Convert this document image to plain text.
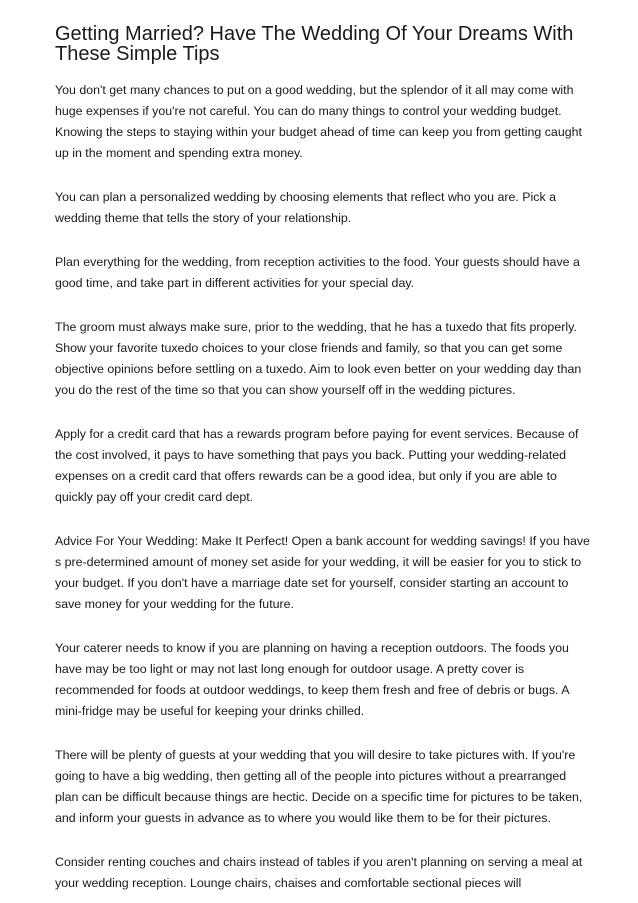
Getting Married? Have The Wedding Of Your Dreams With These Simple Tips

You don't get many chances to put on a good wedding, but the splendor of it all may come with huge expenses if you're not careful. You can do many things to control your wedding budget. Knowing the steps to staying within your budget ahead of time can keep you from getting caught up in the moment and spending extra money.

You can plan a personalized wedding by choosing elements that reflect who you are. Pick a wedding theme that tells the story of your relationship.

Plan everything for the wedding, from reception activities to the food. Your guests should have a good time, and take part in different activities for your special day.

The groom must always make sure, prior to the wedding, that he has a tuxedo that fits properly. Show your favorite tuxedo choices to your close friends and family, so that you can get some objective opinions before settling on a tuxedo. Aim to look even better on your wedding day than you do the rest of the time so that you can show yourself off in the wedding pictures.

Apply for a credit card that has a rewards program before paying for event services. Because of the cost involved, it pays to have something that pays you back. Putting your wedding-related expenses on a credit card that offers rewards can be a good idea, but only if you are able to quickly pay off your credit card dept.

Advice For Your Wedding: Make It Perfect! Open a bank account for wedding savings! If you have s pre-determined amount of money set aside for your wedding, it will be easier for you to stick to your budget. If you don't have a marriage date set for yourself, consider starting an account to save money for your wedding for the future.

Your caterer needs to know if you are planning on having a reception outdoors. The foods you have may be too light or may not last long enough for outdoor usage. A pretty cover is recommended for foods at outdoor weddings, to keep them fresh and free of debris or bugs. A mini-fridge may be useful for keeping your drinks chilled.

There will be plenty of guests at your wedding that you will desire to take pictures with. If you're going to have a big wedding, then getting all of the people into pictures without a prearranged plan can be difficult because things are hectic. Decide on a specific time for pictures to be taken, and inform your guests in advance as to where you would like them to be for their pictures.

Consider renting couches and chairs instead of tables if you aren't planning on serving a meal at your wedding reception. Lounge chairs, chaises and comfortable sectional pieces will
